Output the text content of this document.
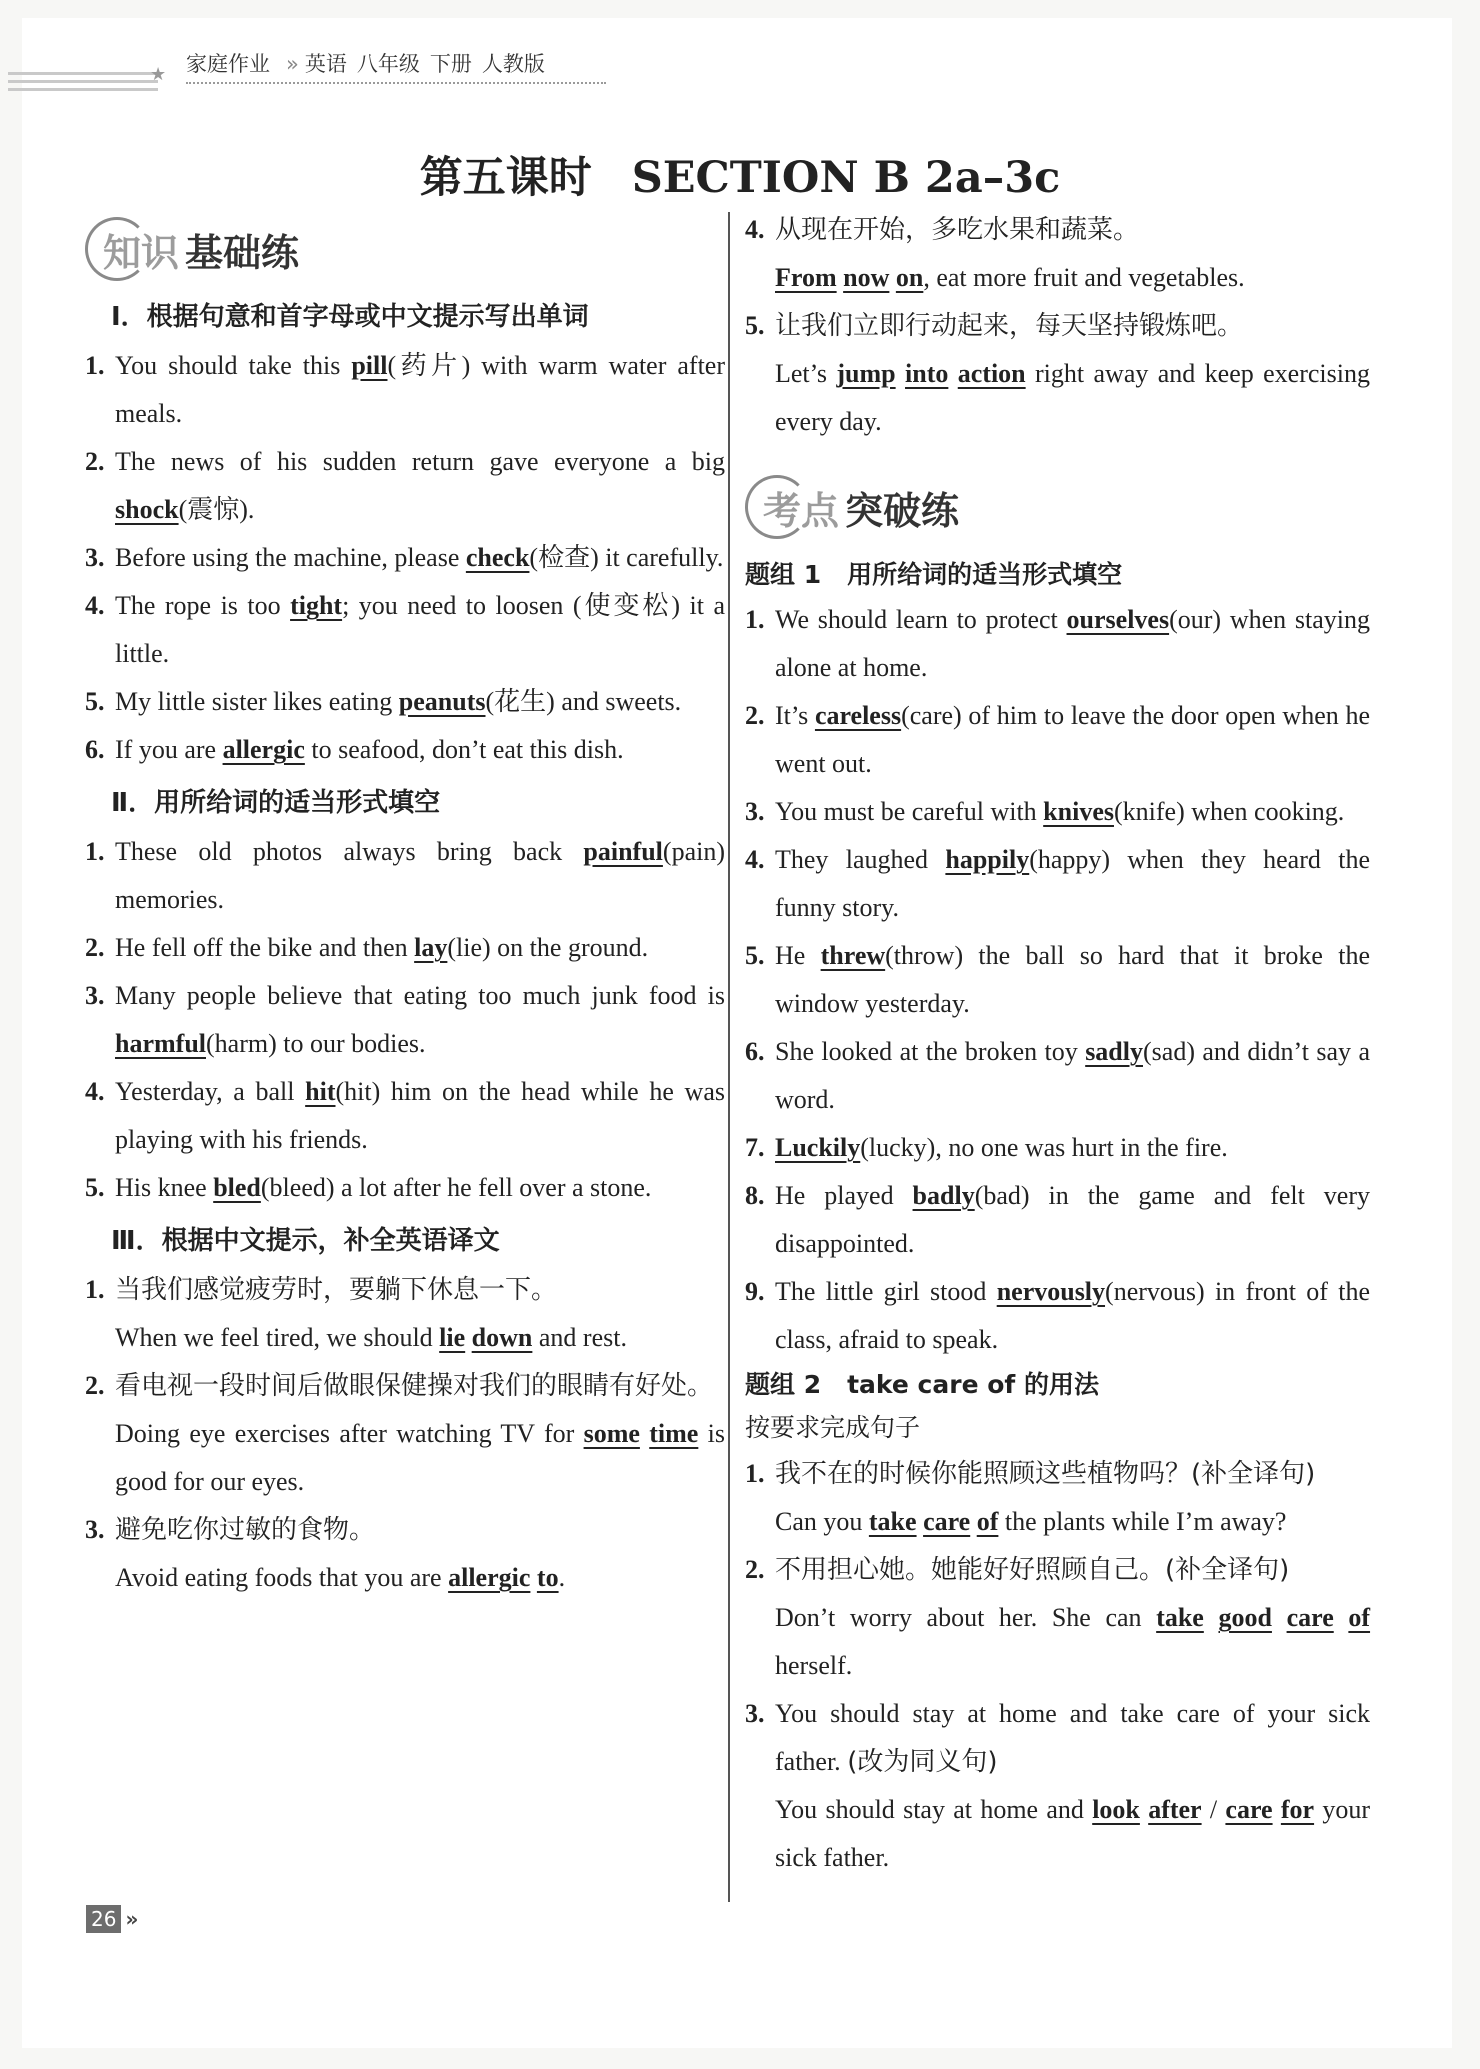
★ 家庭作业 » 英语 八年级 下册 人教版
第五课时 SECTION B 2a–3c
知识 基础练
Ⅰ．根据句意和首字母或中文提示写出单词
1. You should take this pill(药片) with warm water after meals.
2. The news of his sudden return gave everyone a big shock(震惊).
3. Before using the machine, please check(检查) it carefully.
4. The rope is too tight; you need to loosen (使变松) it a little.
5. My little sister likes eating peanuts(花生) and sweets.
6. If you are allergic to seafood, don’t eat this dish.
Ⅱ．用所给词的适当形式填空
1. These old photos always bring back painful(pain) memories.
2. He fell off the bike and then lay(lie) on the ground.
3. Many people believe that eating too much junk food is harmful(harm) to our bodies.
4. Yesterday, a ball hit(hit) him on the head while he was playing with his friends.
5. His knee bled(bleed) a lot after he fell over a stone.
Ⅲ．根据中文提示，补全英语译文
1. 当我们感觉疲劳时，要躺下休息一下。
When we feel tired, we should lie down and rest.
2. 看电视一段时间后做眼保健操对我们的眼睛有好处。
Doing eye exercises after watching TV for some time is good for our eyes.
3. 避免吃你过敏的食物。
Avoid eating foods that you are allergic to.
4. 从现在开始，多吃水果和蔬菜。
From now on, eat more fruit and vegetables.
5. 让我们立即行动起来，每天坚持锻炼吧。
Let’s jump into action right away and keep exercising every day.
考点 突破练
题组 1 用所给词的适当形式填空
1. We should learn to protect ourselves(our) when staying alone at home.
2. It’s careless(care) of him to leave the door open when he went out.
3. You must be careful with knives(knife) when cooking.
4. They laughed happily(happy) when they heard the funny story.
5. He threw(throw) the ball so hard that it broke the window yesterday.
6. She looked at the broken toy sadly(sad) and didn’t say a word.
7. Luckily(lucky), no one was hurt in the fire.
8. He played badly(bad) in the game and felt very disappointed.
9. The little girl stood nervously(nervous) in front of the class, afraid to speak.
题组 2 take care of 的用法
按要求完成句子
1. 我不在的时候你能照顾这些植物吗？(补全译句)
Can you take care of the plants while I’m away?
2. 不用担心她。她能好好照顾自己。(补全译句)
Don’t worry about her. She can take good care of herself.
3. You should stay at home and take care of your sick father. (改为同义句)
You should stay at home and look after / care for your sick father.
26 »
